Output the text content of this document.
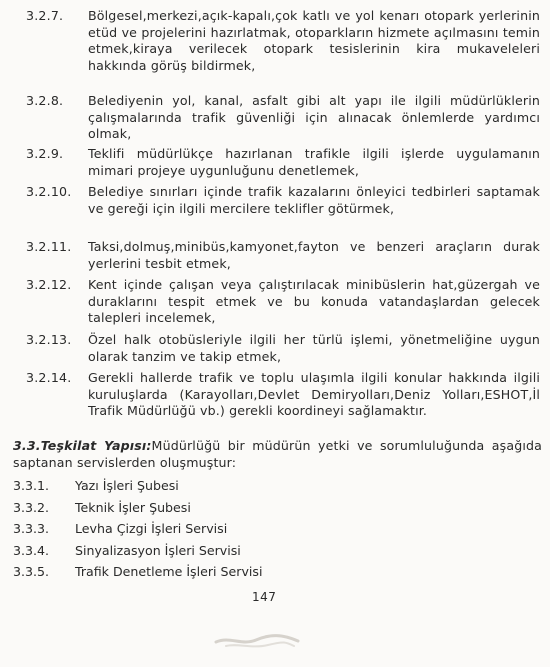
3.2.7. Bölgesel,merkezi,açık-kapalı,çok katlı ve yol kenarı otopark yerlerinin etüd ve projelerini hazırlatmak, otoparkların hizmete açılmasını temin etmek,kiraya verilecek otopark tesislerinin kira mukaveleleri hakkında görüş bildirmek,
3.2.8. Belediyenin yol, kanal, asfalt gibi alt yapı ile ilgili müdürlüklerin çalışmalarında trafik güvenliği için alınacak önlemlerde yardımcı olmak,
3.2.9. Teklifi müdürlükçe hazırlanan trafikle ilgili işlerde uygulamanın mimari projeye uygunluğunu denetlemek,
3.2.10. Belediye sınırları içinde trafik kazalarını önleyici tedbirleri saptamak ve gereği için ilgili mercilere teklifler götürmek,
3.2.11. Taksi,dolmuş,minibüs,kamyonet,fayton ve benzeri araçların durak yerlerini tesbit etmek,
3.2.12. Kent içinde çalışan veya çalıştırılacak minibüslerin hat,güzergah ve duraklarını tespit etmek ve bu konuda vatandaşlardan gelecek talepleri incelemek,
3.2.13. Özel halk otobüsleriyle ilgili her türlü işlemi, yönetmeliğine uygun olarak tanzim ve takip etmek,
3.2.14. Gerekli hallerde trafik ve toplu ulaşımla ilgili konular hakkında ilgili kuruluşlarda (Karayolları,Devlet Demiryolları,Deniz Yolları,ESHOT,İl Trafik Müdürlüğü vb.) gerekli koordineyi sağlamaktır.
3.3.Teşkilat Yapısı:Müdürlüğü bir müdürün yetki ve sorumluluğunda aşağıda saptanan servislerden oluşmuştur:
3.3.1. Yazı İşleri Şubesi
3.3.2. Teknik İşler Şubesi
3.3.3. Levha Çizgi İşleri Servisi
3.3.4. Sinyalizasyon İşleri Servisi
3.3.5. Trafik Denetleme İşleri Servisi
147
